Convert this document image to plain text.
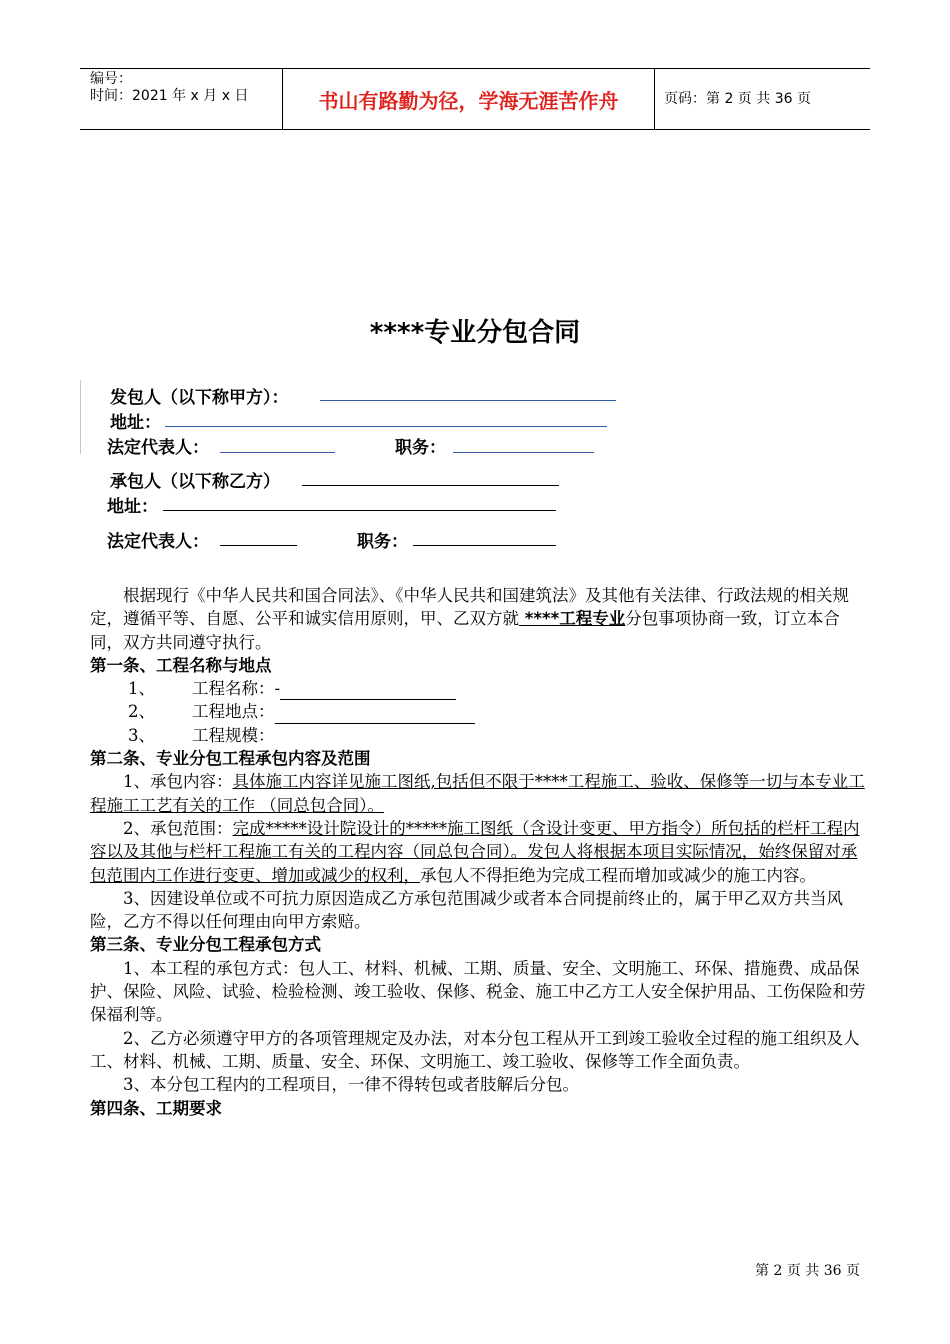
编号：
时间：2021 年 x 月 x 日	书山有路勤为径，学海无涯苦作舟	页码：第 2 页 共 36 页
****专业分包合同
发包人（以下称甲方）：
地址：
法定代表人：	职务：
承包人（以下称乙方）
地址：
法定代表人：	职务：

根据现行《中华人民共和国合同法》、《中华人民共和国建筑法》及其他有关法律、行政法规的相关规定，遵循平等、自愿、公平和诚实信用原则，甲、乙双方就 ****工程专业分包事项协商一致，订立本合同，双方共同遵守执行。

第一条、工程名称与地点

1、 工程名称：-
2、 工程地点：
3、 工程规模：

第二条、专业分包工程承包内容及范围

1、承包内容：具体施工内容详见施工图纸,包括但不限于****工程施工、验收、保修等一切与本专业工程施工工艺有关的工作 （同总包合同）。

2、承包范围：完成*****设计院设计的*****施工图纸（含设计变更、甲方指令）所包括的栏杆工程内容以及其他与栏杆工程施工有关的工程内容（同总包合同）。发包人将根据本项目实际情况，始终保留对承包范围内工作进行变更、增加或减少的权利，承包人不得拒绝为完成工程而增加或减少的施工内容。

3、因建设单位或不可抗力原因造成乙方承包范围减少或者本合同提前终止的，属于甲乙双方共当风险，乙方不得以任何理由向甲方索赔。

第三条、专业分包工程承包方式

1、本工程的承包方式：包人工、材料、机械、工期、质量、安全、文明施工、环保、措施费、成品保护、保险、风险、试验、检验检测、竣工验收、保修、税金、施工中乙方工人安全保护用品、工伤保险和劳保福利等。

2、乙方必须遵守甲方的各项管理规定及办法，对本分包工程从开工到竣工验收全过程的施工组织及人工、材料、机械、工期、质量、安全、环保、文明施工、竣工验收、保修等工作全面负责。

3、本分包工程内的工程项目，一律不得转包或者肢解后分包。

第四条、工期要求

第 2 页 共 36 页
